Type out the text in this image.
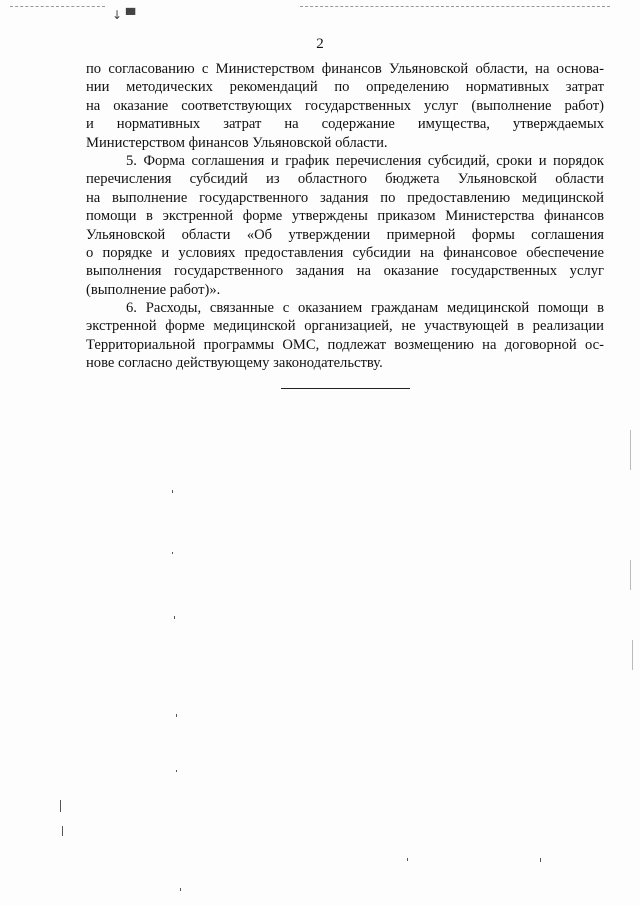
↓ ▀
2
по согласованию с Министерством финансов Ульяновской области, на основа-
нии методических рекомендаций по определению нормативных затрат
на оказание соответствующих государственных услуг (выполнение работ)
и нормативных затрат на содержание имущества, утверждаемых
Министерством финансов Ульяновской области.
5. Форма соглашения и график перечисления субсидий, сроки и порядок
перечисления субсидий из областного бюджета Ульяновской области
на выполнение государственного задания по предоставлению медицинской
помощи в экстренной форме утверждены приказом Министерства финансов
Ульяновской области «Об утверждении примерной формы соглашения
о порядке и условиях предоставления субсидии на финансовое обеспечение
выполнения государственного задания на оказание государственных услуг
(выполнение работ)».
6. Расходы, связанные с оказанием гражданам медицинской помощи в
экстренной форме медицинской организацией, не участвующей в реализации
Территориальной программы ОМС, подлежат возмещению на договорной ос-
нове согласно действующему законодательству.
